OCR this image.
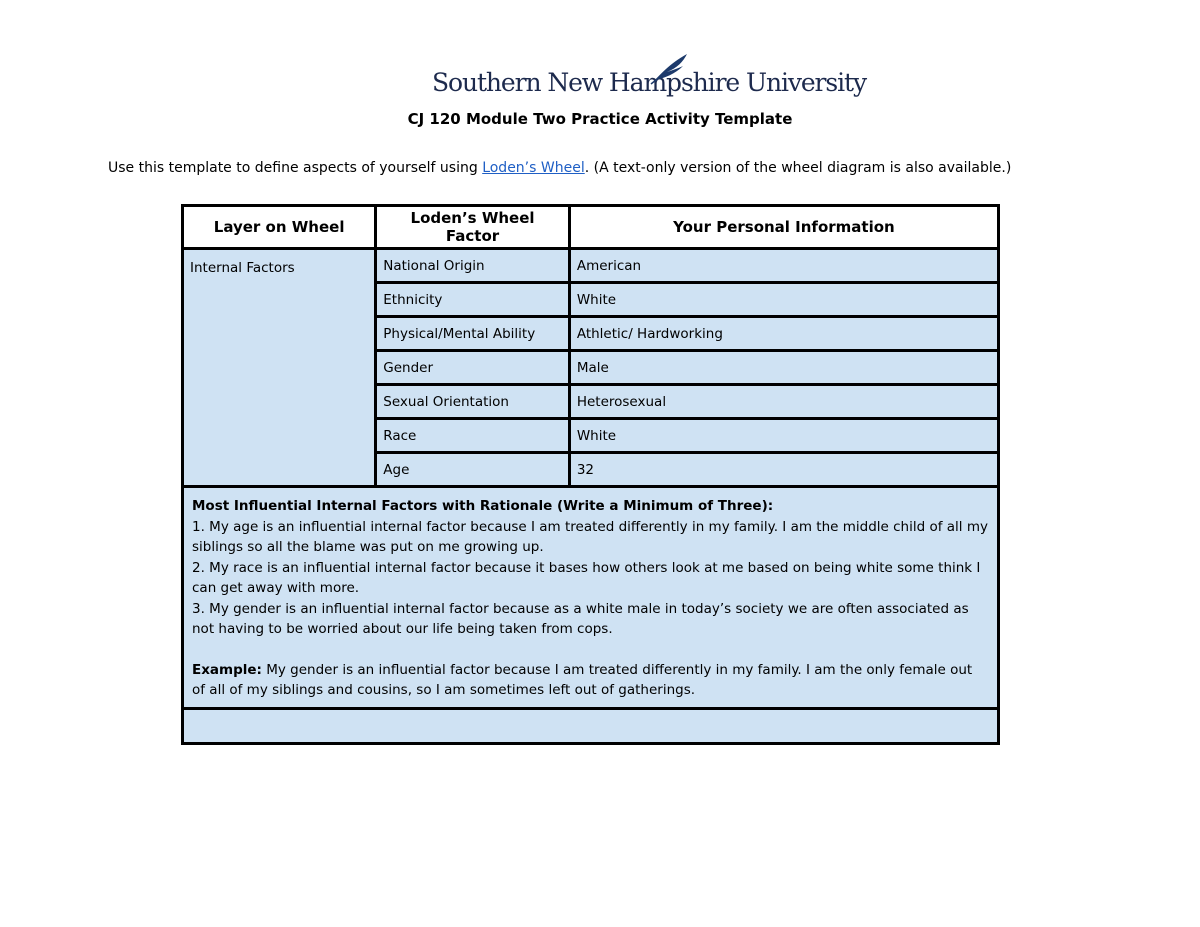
Southern New Hampshire University
CJ 120 Module Two Practice Activity Template
Use this template to define aspects of yourself using Loden’s Wheel. (A text-only version of the wheel diagram is also available.)
Layer on Wheel	Loden’s Wheel Factor	Your Personal Information
Internal Factors	National Origin	American
	Ethnicity	White
	Physical/Mental Ability	Athletic/ Hardworking
	Gender	Male
	Sexual Orientation	Heterosexual
	Race	White
	Age	32

Most Influential Internal Factors with Rationale (Write a Minimum of Three):
1. My age is an influential internal factor because I am treated differently in my family. I am the middle child of all my siblings so all the blame was put on me growing up.
2. My race is an influential internal factor because it bases how others look at me based on being white some think I can get away with more.
3. My gender is an influential internal factor because as a white male in today’s society we are often associated as not having to be worried about our life being taken from cops.
Example: My gender is an influential factor because I am treated differently in my family. I am the only female out of all of my siblings and cousins, so I am sometimes left out of gatherings.		
